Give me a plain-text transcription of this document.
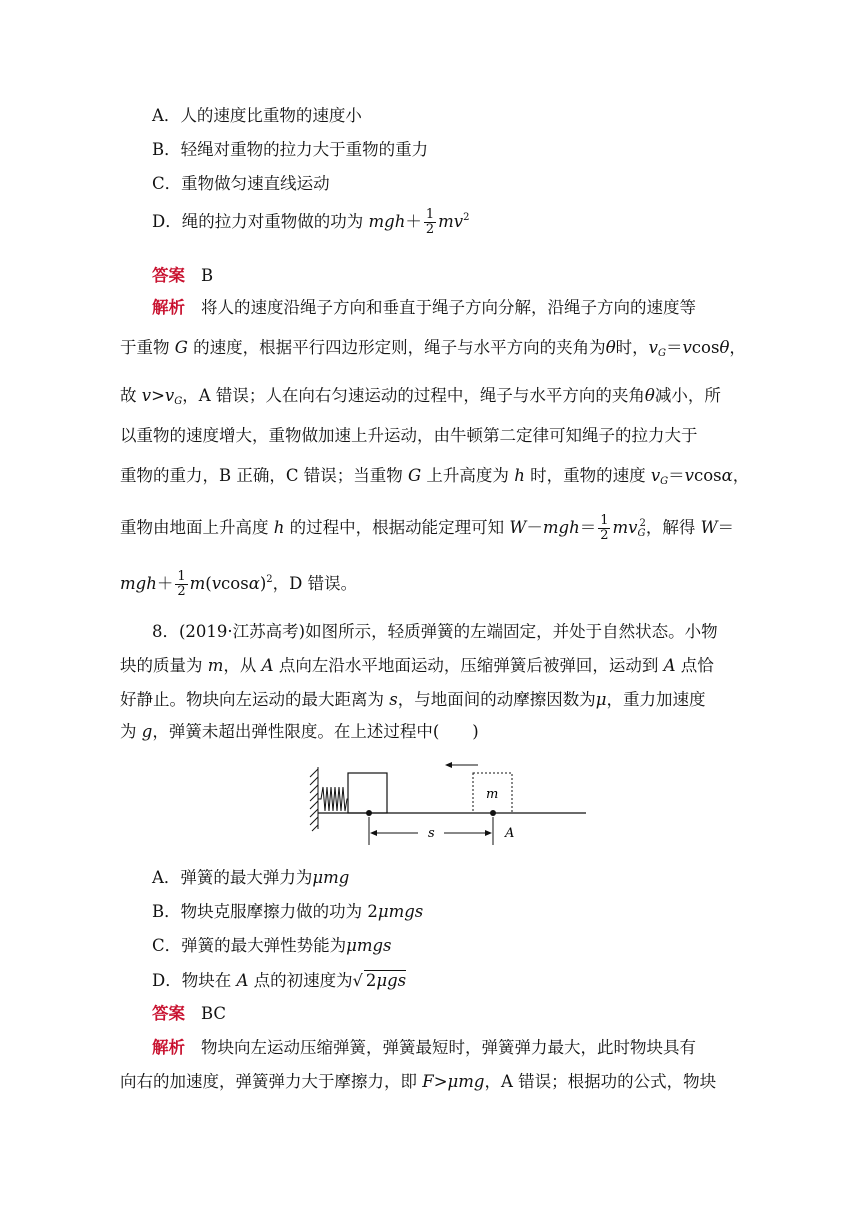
A．人的速度比重物的速度小
B．轻绳对重物的拉力大于重物的重力
C．重物做匀速直线运动
D．绳的拉力对重物做的功为 $mgh+ \frac{1}{2} mv^2$
答案 B
解析 将人的速度沿绳子方向和垂直于绳子方向分解，沿绳子方向的速度等
于重物 G 的速度，根据平行四边形定则，绳子与水平方向的夹角为θ时，$v_G=vcos\theta$，
故 $v>v_G$，A 错误；人在向右匀速运动的过程中，绳子与水平方向的夹角θ减小，所
以重物的速度增大，重物做加速上升运动，由牛顿第二定律可知绳子的拉力大于
重物的重力，B 正确，C 错误；当重物 G 上升高度为 h 时，重物的速度 $v_G=vcos\alpha$，
重物由地面上升高度 h 的过程中，根据动能定理可知 $W-mgh= \frac{1}{2} mv_G^2$，解得 W＝
$mgh+ \frac{1}{2} m(vcos\alpha)^2$，D 错误。
8．(2019·江苏高考)如图所示，轻质弹簧的左端固定，并处于自然状态。小物
块的质量为 m，从 A 点向左沿水平地面运动，压缩弹簧后被弹回，运动到 A 点恰
好静止。物块向左运动的最大距离为 s，与地面间的动摩擦因数为μ，重力加速度
为 g，弹簧未超出弹性限度。在上述过程中(　　)
m
s	A
A．弹簧的最大弹力为μmg
B．物块克服摩擦力做的功为 2μmgs
C．弹簧的最大弹性势能为μmgs
D．物块在 A 点的初速度为√ 2μgs
答案 BC
解析 物块向左运动压缩弹簧，弹簧最短时，弹簧弹力最大，此时物块具有
向右的加速度，弹簧弹力大于摩擦力，即 F>μmg，A 错误；根据功的公式，物块
